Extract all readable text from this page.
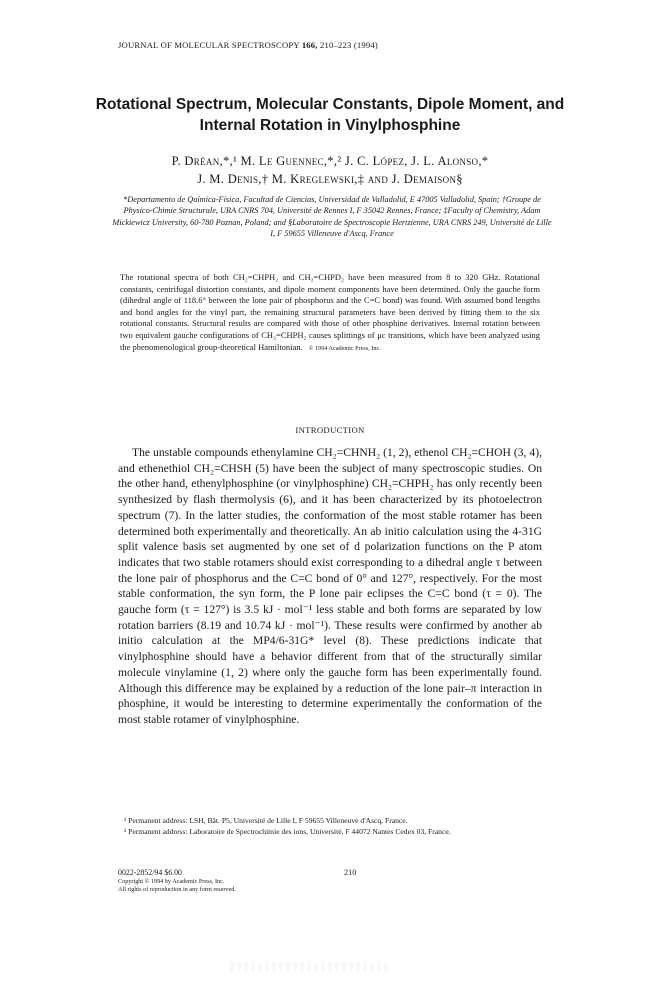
JOURNAL OF MOLECULAR SPECTROSCOPY 166, 210–223 (1994)
Rotational Spectrum, Molecular Constants, Dipole Moment, and Internal Rotation in Vinylphosphine
P. Dréan,*,¹ M. Le Guennec,*,² J. C. López, J. L. Alonso,*
J. M. Denis,† M. Kreglewski,‡ and J. Demaison§
*Departamento de Química-Física, Facultad de Ciencias, Universidad de Valladolid, E 47005 Valladolid, Spain; †Groupe de Physico-Chimie Structurale, URA CNRS 704, Université de Rennes I, F 35042 Rennes, France; ‡Faculty of Chemistry, Adam Mickiewicz University, 60-780 Poznan, Poland; and §Laboratoire de Spectroscopie Hertzienne, URA CNRS 249, Université de Lille I, F 59655 Villeneuve d'Ascq, France
The rotational spectra of both CH₂=CHPH₂ and CH₂=CHPD₂ have been measured from 8 to 320 GHz. Rotational constants, centrifugal distortion constants, and dipole moment components have been determined. Only the gauche form (dihedral angle of 118.6° between the lone pair of phosphorus and the C=C bond) was found. With assumed bond lengths and bond angles for the vinyl part, the remaining structural parameters have been derived by fitting them to the six rotational constants. Structural results are compared with those of other phosphine derivatives. Internal rotation between two equivalent gauche configurations of CH₂=CHPH₂ causes splittings of μc transitions, which have been analyzed using the phenomenological group-theoretical Hamiltonian. © 1994 Academic Press, Inc.
INTRODUCTION

The unstable compounds ethenylamine CH₂=CHNH₂ (1, 2), ethenol CH₂=CHOH (3, 4), and ethenethiol CH₂=CHSH (5) have been the subject of many spectroscopic studies. On the other hand, ethenylphosphine (or vinylphosphine) CH₂=CHPH₂ has only recently been synthesized by flash thermolysis (6), and it has been characterized by its photoelectron spectrum (7). In the latter studies, the conformation of the most stable rotamer has been determined both experimentally and theoretically. An ab initio calculation using the 4-31G split valence basis set augmented by one set of d polarization functions on the P atom indicates that two stable rotamers should exist corresponding to a dihedral angle τ between the lone pair of phosphorus and the C=C bond of 0° and 127°, respectively. For the most stable conformation, the syn form, the P lone pair eclipses the C=C bond (τ = 0). The gauche form (τ = 127°) is 3.5 kJ · mol⁻¹ less stable and both forms are separated by low rotation barriers (8.19 and 10.74 kJ · mol⁻¹). These results were confirmed by another ab initio calculation at the MP4/6-31G* level (8). These predictions indicate that vinylphosphine should have a behavior different from that of the structurally similar molecule vinylamine (1, 2) where only the gauche form has been experimentally found. Although this difference may be explained by a reduction of the lone pair–π interaction in phosphine, it would be interesting to determine experimentally the conformation of the most stable rotamer of vinylphosphine.

¹ Permanent address: LSH, Bât. P5, Université de Lille I, F 59655 Villeneuve d'Ascq, France.
² Permanent address: Laboratoire de Spectrochimie des ions, Université, F 44072 Nantes Cedex 03, France.
0022-2852/94 $6.00
Copyright © 1994 by Academic Press, Inc.
All rights of reproduction in any form reserved.
210
